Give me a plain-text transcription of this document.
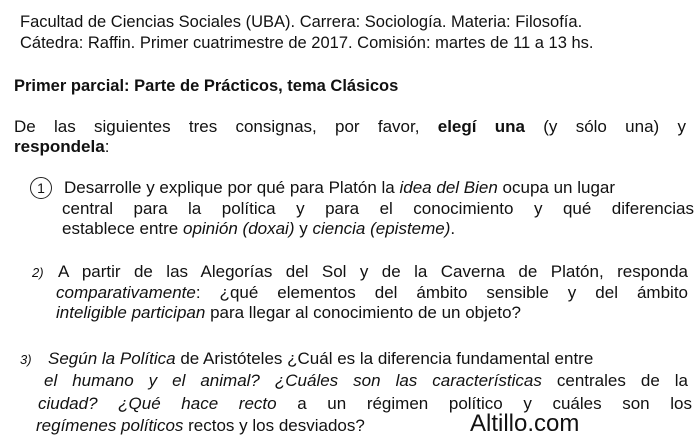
Facultad de Ciencias Sociales (UBA). Carrera: Sociología. Materia: Filosofía.
Cátedra: Raffin. Primer cuatrimestre de 2017. Comisión: martes de 11 a 13 hs.
Primer parcial: Parte de Prácticos, tema Clásicos
De las siguientes tres consignas, por favor, elegí una (y sólo una) y
respondela:
1	Desarrolle y explique por qué para Platón la idea del Bien ocupa un lugar
central para la política y para el conocimiento y qué diferencias
establece entre opinión (doxai) y ciencia (episteme).
2) A partir de las Alegorías del Sol y de la Caverna de Platón, responda
comparativamente: ¿qué elementos del ámbito sensible y del ámbito
inteligible participan para llegar al conocimiento de un objeto?
3) Según la Política de Aristóteles ¿Cuál es la diferencia fundamental entre
el humano y el animal? ¿Cuáles son las características centrales de la
ciudad? ¿Qué hace recto a un régimen político y cuáles son los
regímenes políticos rectos y los desviados?	Altillo.com
